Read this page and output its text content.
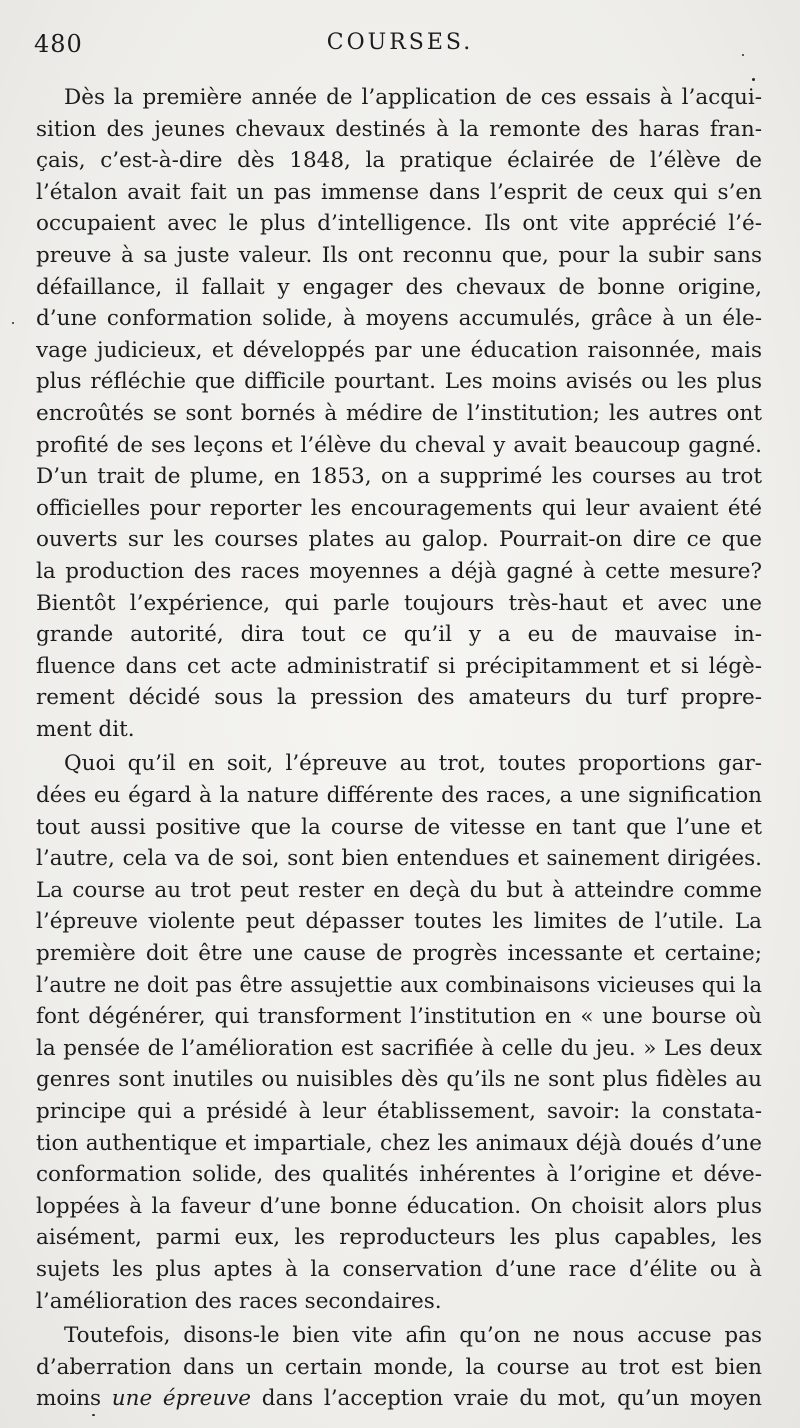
480	COURSES.

Dès la première année de l’application de ces essais à l’acqui-
sition des jeunes chevaux destinés à la remonte des haras fran-
çais, c’est-à-dire dès 1848, la pratique éclairée de l’élève de
l’étalon avait fait un pas immense dans l’esprit de ceux qui s’en
occupaient avec le plus d’intelligence. Ils ont vite apprécié l’é-
preuve à sa juste valeur. Ils ont reconnu que, pour la subir sans
défaillance, il fallait y engager des chevaux de bonne origine,
d’une conformation solide, à moyens accumulés, grâce à un éle-
vage judicieux, et développés par une éducation raisonnée, mais
plus réfléchie que difficile pourtant. Les moins avisés ou les plus
encroûtés se sont bornés à médire de l’institution; les autres ont
profité de ses leçons et l’élève du cheval y avait beaucoup gagné.
D’un trait de plume, en 1853, on a supprimé les courses au trot
officielles pour reporter les encouragements qui leur avaient été
ouverts sur les courses plates au galop. Pourrait-on dire ce que
la production des races moyennes a déjà gagné à cette mesure?
Bientôt l’expérience, qui parle toujours très-haut et avec une
grande autorité, dira tout ce qu’il y a eu de mauvaise in-
fluence dans cet acte administratif si précipitamment et si légè-
rement décidé sous la pression des amateurs du turf propre-
ment dit.

Quoi qu’il en soit, l’épreuve au trot, toutes proportions gar-
dées eu égard à la nature différente des races, a une signification
tout aussi positive que la course de vitesse en tant que l’une et
l’autre, cela va de soi, sont bien entendues et sainement dirigées.
La course au trot peut rester en deçà du but à atteindre comme
l’épreuve violente peut dépasser toutes les limites de l’utile. La
première doit être une cause de progrès incessante et certaine;
l’autre ne doit pas être assujettie aux combinaisons vicieuses qui la
font dégénérer, qui transforment l’institution en « une bourse où
la pensée de l’amélioration est sacrifiée à celle du jeu. » Les deux
genres sont inutiles ou nuisibles dès qu’ils ne sont plus fidèles au
principe qui a présidé à leur établissement, savoir: la constata-
tion authentique et impartiale, chez les animaux déjà doués d’une
conformation solide, des qualités inhérentes à l’origine et déve-
loppées à la faveur d’une bonne éducation. On choisit alors plus
aisément, parmi eux, les reproducteurs les plus capables, les
sujets les plus aptes à la conservation d’une race d’élite ou à
l’amélioration des races secondaires.

Toutefois, disons-le bien vite afin qu’on ne nous accuse pas
d’aberration dans un certain monde, la course au trot est bien
moins une épreuve dans l’acception vraie du mot, qu’un moyen
